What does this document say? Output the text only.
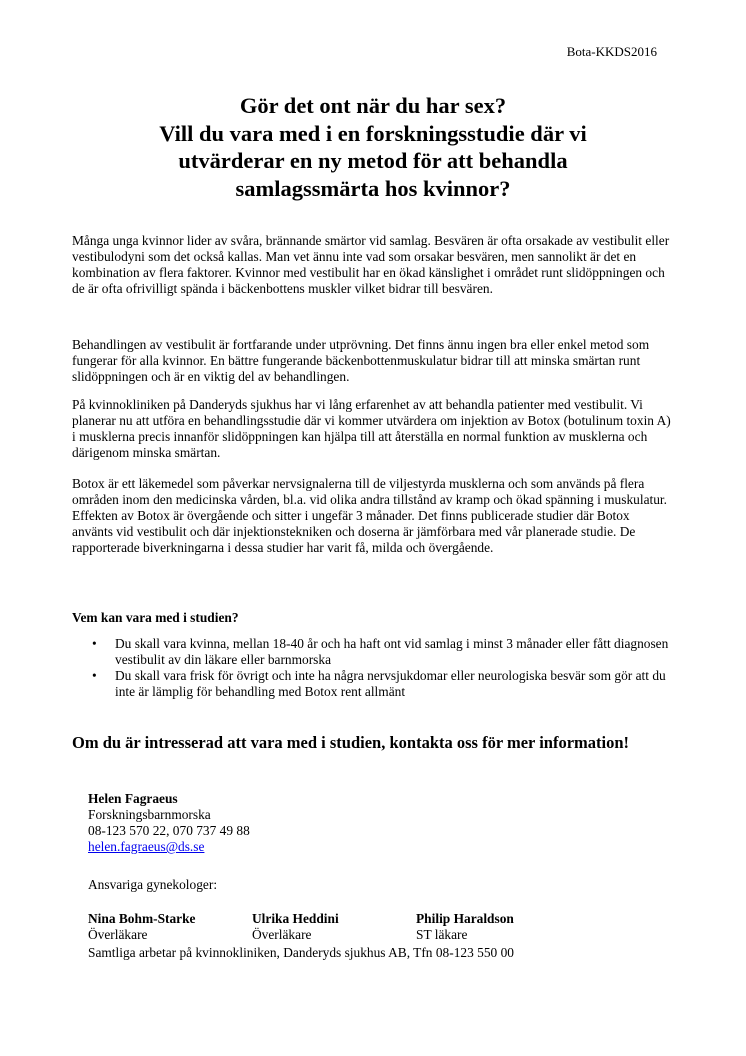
Bota-KKDS2016
Gör det ont när du har sex?
Vill du vara med i en forskningsstudie där vi
utvärderar en ny metod för att behandla
samlagssmärta hos kvinnor?

Många unga kvinnor lider av svåra, brännande smärtor vid samlag. Besvären är ofta orsakade av vestibulit eller vestibulodyni som det också kallas. Man vet ännu inte vad som orsakar besvären, men sannolikt är det en kombination av flera faktorer. Kvinnor med vestibulit har en ökad känslighet i området runt slidöppningen och de är ofta ofrivilligt spända i bäckenbottens muskler vilket bidrar till besvären.

Behandlingen av vestibulit är fortfarande under utprövning. Det finns ännu ingen bra eller enkel metod som fungerar för alla kvinnor. En bättre fungerande bäckenbottenmuskulatur bidrar till att minska smärtan runt slidöppningen och är en viktig del av behandlingen.

På kvinnokliniken på Danderyds sjukhus har vi lång erfarenhet av att behandla patienter med vestibulit. Vi planerar nu att utföra en behandlingsstudie där vi kommer utvärdera om injektion av Botox (botulinum toxin A) i musklerna precis innanför slidöppningen kan hjälpa till att återställa en normal funktion av musklerna och därigenom minska smärtan.

Botox är ett läkemedel som påverkar nervsignalerna till de viljestyrda musklerna och som används på flera områden inom den medicinska vården, bl.a. vid olika andra tillstånd av kramp och ökad spänning i muskulatur. Effekten av Botox är övergående och sitter i ungefär 3 månader. Det finns publicerade studier där Botox använts vid vestibulit och där injektionstekniken och doserna är jämförbara med vår planerade studie. De rapporterade biverkningarna i dessa studier har varit få, milda och övergående.

Vem kan vara med i studien?
• Du skall vara kvinna, mellan 18-40 år och ha haft ont vid samlag i minst 3 månader eller fått diagnosen vestibulit av din läkare eller barnmorska
• Du skall vara frisk för övrigt och inte ha några nervsjukdomar eller neurologiska besvär som gör att du inte är lämplig för behandling med Botox rent allmänt
Om du är intresserad att vara med i studien, kontakta oss för mer information!
Helen Fagraeus
Forskningsbarnmorska
08-123 570 22, 070 737 49 88
helen.fagraeus@ds.se
Ansvariga gynekologer:
Nina Bohm-Starke
Överläkare
Ulrika Heddini
Överläkare
Philip Haraldson
ST läkare
Samtliga arbetar på kvinnokliniken, Danderyds sjukhus AB, Tfn 08-123 550 00
